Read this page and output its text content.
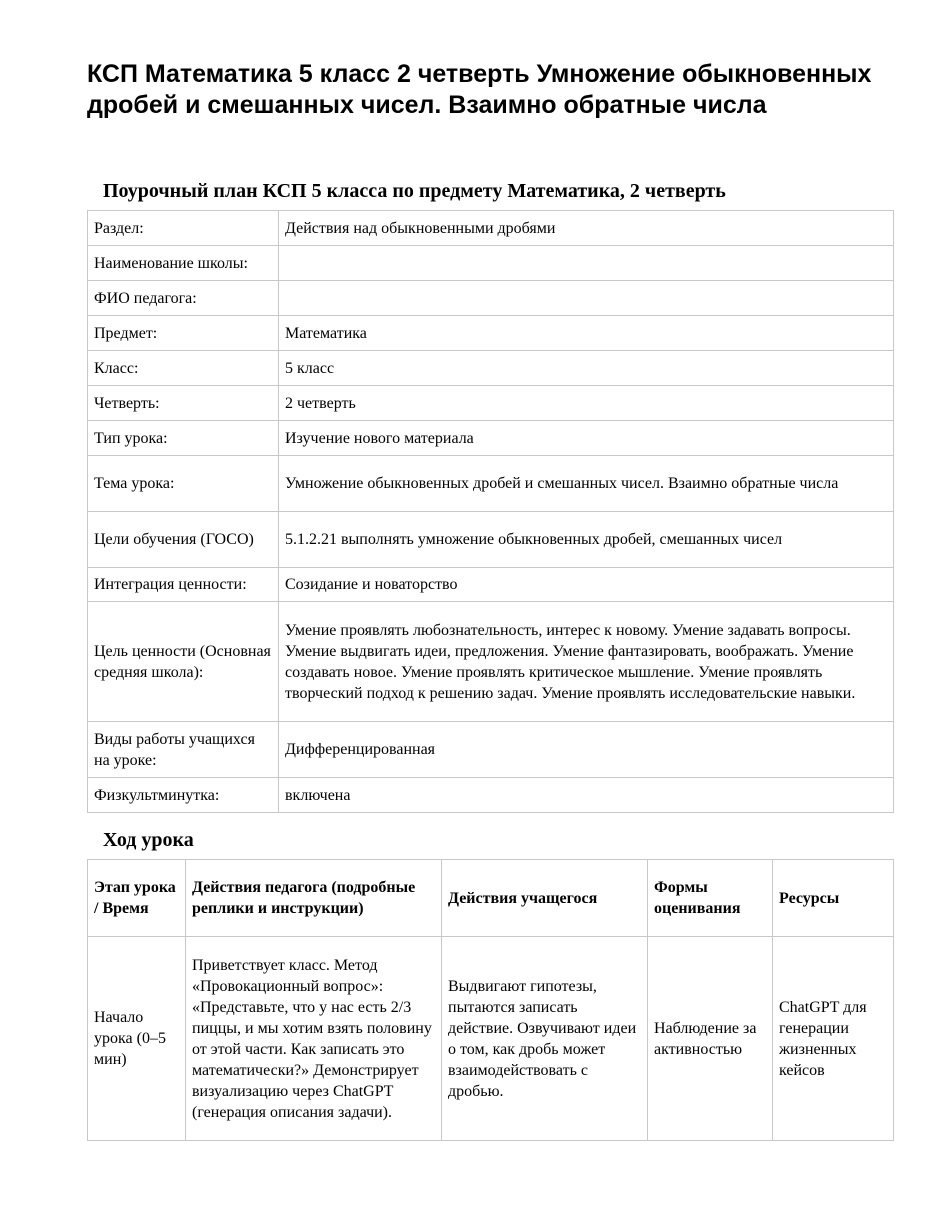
КСП Математика 5 класс 2 четверть Умножение обыкновенных дробей и смешанных чисел. Взаимно обратные числа
Поурочный план КСП 5 класса по предмету Математика, 2 четверть
Раздел:	Действия над обыкновенными дробями
Наименование школы:	
ФИО педагога:	
Предмет:	Математика
Класс:	5 класс
Четверть:	2 четверть
Тип урока:	Изучение нового материала
Тема урока:	Умножение обыкновенных дробей и смешанных чисел. Взаимно обратные числа
Цели обучения (ГОСО)	5.1.2.21 выполнять умножение обыкновенных дробей, смешанных чисел
Интеграция ценности:	Созидание и новаторство
Цель ценности (Основная средняя школа):	Умение проявлять любознательность, интерес к новому. Умение задавать вопросы. Умение выдвигать идеи, предложения. Умение фантазировать, воображать. Умение создавать новое. Умение проявлять критическое мышление. Умение проявлять творческий подход к решению задач. Умение проявлять исследовательские навыки.
Виды работы учащихся на уроке:	Дифференцированная
Физкультминутка:	включена
Ход урока
Этап урока / Время	Действия педагога (подробные реплики и инструкции)	Действия учащегося	Формы оценивания	Ресурсы
Начало урока (0–5 мин)	Приветствует класс. Метод «Провокационный вопрос»: «Представьте, что у нас есть 2/3 пиццы, и мы хотим взять половину от этой части. Как записать это математически?» Демонстрирует визуализацию через ChatGPT (генерация описания задачи).	Выдвигают гипотезы, пытаются записать действие. Озвучивают идеи о том, как дробь может взаимодействовать с дробью.	Наблюдение за активностью	ChatGPT для генерации жизненных кейсов
